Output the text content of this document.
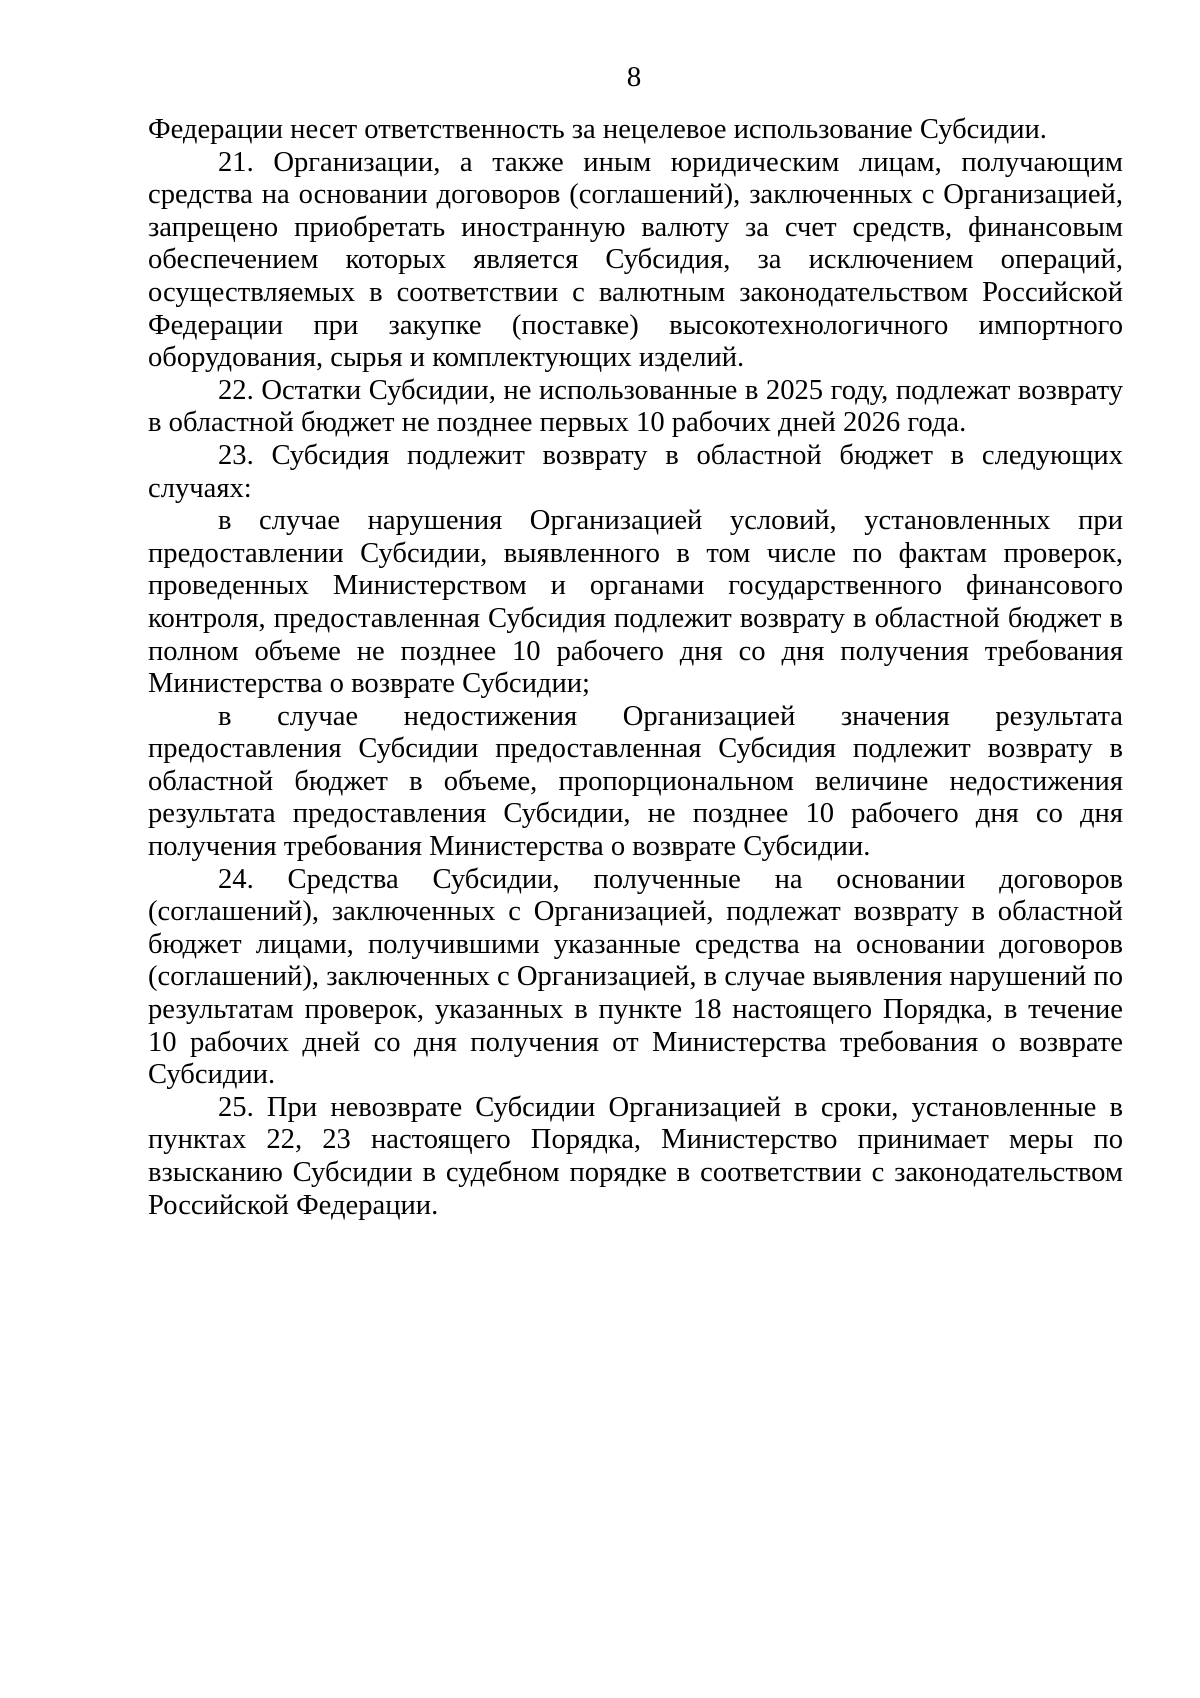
8

Федерации несет ответственность за нецелевое использование Субсидии.

21. Организации, а также иным юридическим лицам, получающим средства на основании договоров (соглашений), заключенных с Организацией, запрещено приобретать иностранную валюту за счет средств, финансовым обеспечением которых является Субсидия, за исключением операций, осуществляемых в соответствии с валютным законодательством Российской Федерации при закупке (поставке) высокотехнологичного импортного оборудования, сырья и комплектующих изделий.

22. Остатки Субсидии, не использованные в 2025 году, подлежат возврату в областной бюджет не позднее первых 10 рабочих дней 2026 года.

23. Субсидия подлежит возврату в областной бюджет в следующих случаях:

в случае нарушения Организацией условий, установленных при предоставлении Субсидии, выявленного в том числе по фактам проверок, проведенных Министерством и органами государственного финансового контроля, предоставленная Субсидия подлежит возврату в областной бюджет в полном объеме не позднее 10 рабочего дня со дня получения требования Министерства о возврате Субсидии;

в случае недостижения Организацией значения результата предоставления Субсидии предоставленная Субсидия подлежит возврату в областной бюджет в объеме, пропорциональном величине недостижения результата предоставления Субсидии, не позднее 10 рабочего дня со дня получения требования Министерства о возврате Субсидии.

24. Средства Субсидии, полученные на основании договоров (соглашений), заключенных с Организацией, подлежат возврату в областной бюджет лицами, получившими указанные средства на основании договоров (соглашений), заключенных с Организацией, в случае выявления нарушений по результатам проверок, указанных в пункте 18 настоящего Порядка, в течение 10 рабочих дней со дня получения от Министерства требования о возврате Субсидии.

25. При невозврате Субсидии Организацией в сроки, установленные в пунктах 22, 23 настоящего Порядка, Министерство принимает меры по взысканию Субсидии в судебном порядке в соответствии с законодательством Российской Федерации.
